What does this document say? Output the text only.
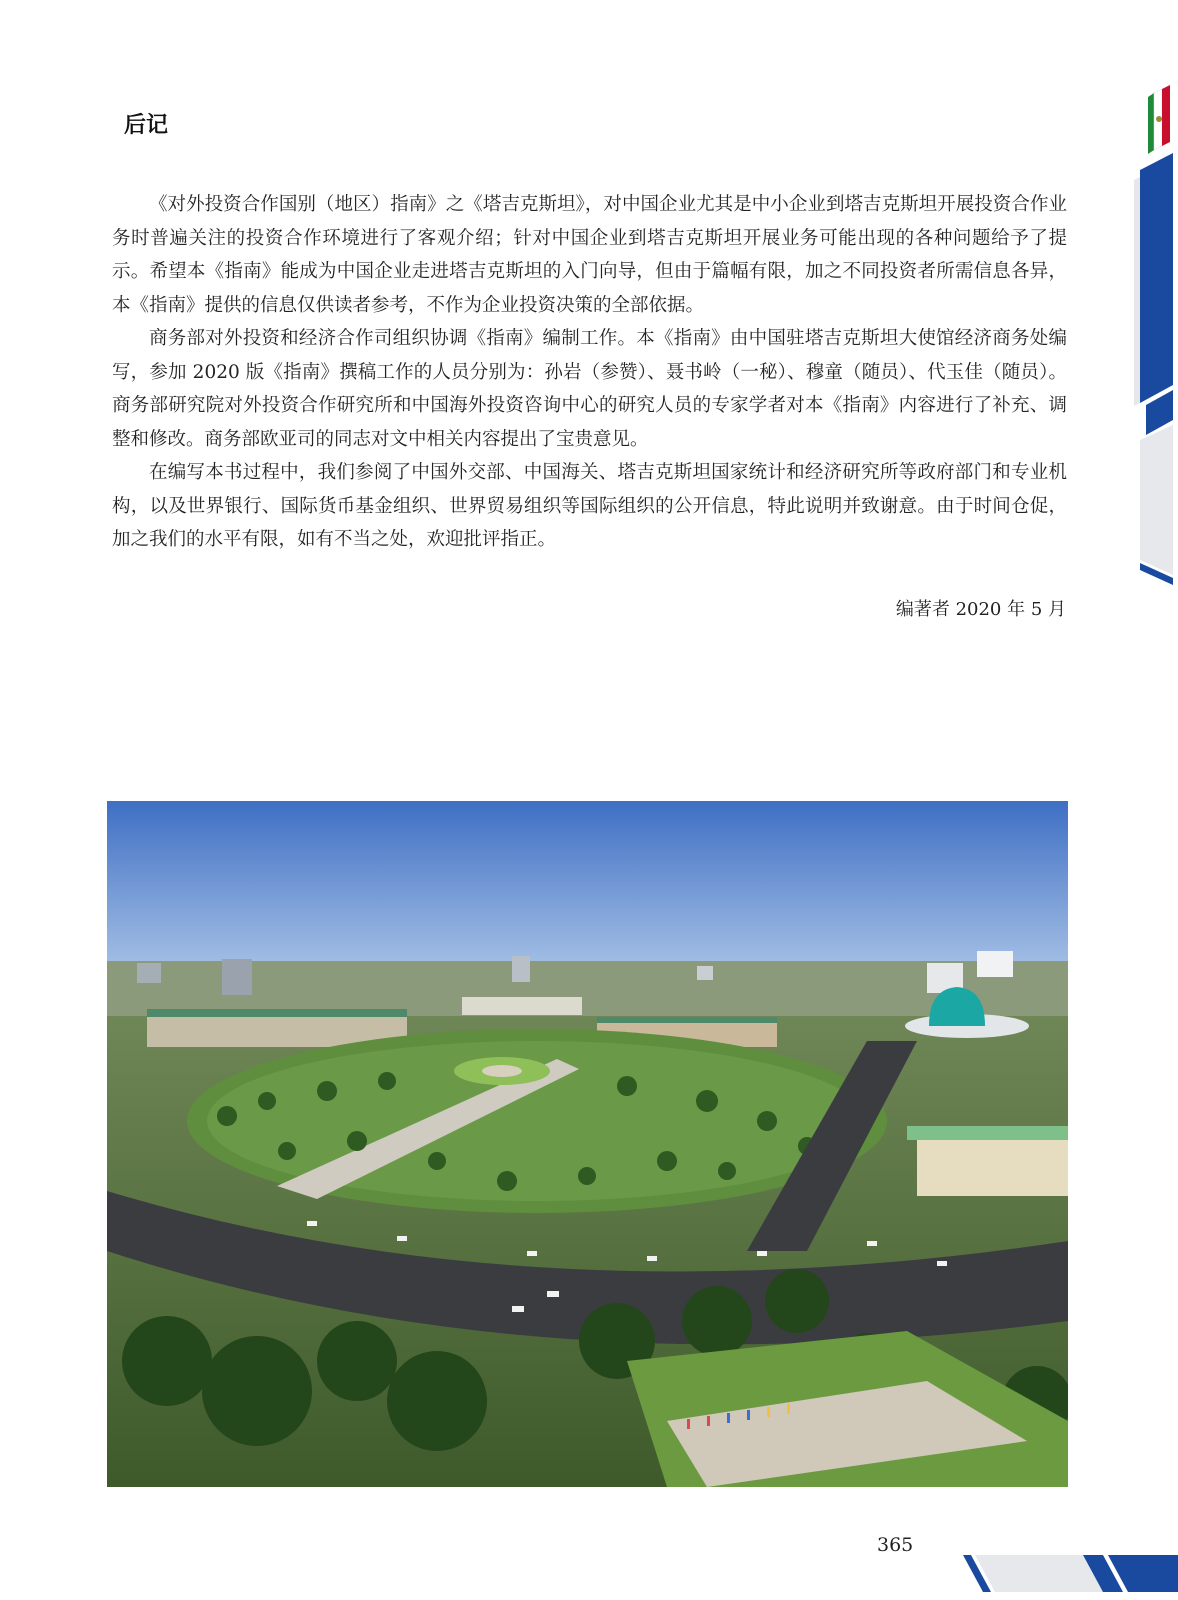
后记

《对外投资合作国别（地区）指南》之《塔吉克斯坦》，对中国企业尤其是中小企业到塔吉克斯坦开展投资合作业务时普遍关注的投资合作环境进行了客观介绍；针对中国企业到塔吉克斯坦开展业务可能出现的各种问题给予了提示。希望本《指南》能成为中国企业走进塔吉克斯坦的入门向导，但由于篇幅有限，加之不同投资者所需信息各异，本《指南》提供的信息仅供读者参考，不作为企业投资决策的全部依据。

商务部对外投资和经济合作司组织协调《指南》编制工作。本《指南》由中国驻塔吉克斯坦大使馆经济商务处编写，参加 2020 版《指南》撰稿工作的人员分别为：孙岩（参赞）、聂书岭（一秘）、穆童（随员）、代玉佳（随员）。商务部研究院对外投资合作研究所和中国海外投资咨询中心的研究人员的专家学者对本《指南》内容进行了补充、调整和修改。商务部欧亚司的同志对文中相关内容提出了宝贵意见。

在编写本书过程中，我们参阅了中国外交部、中国海关、塔吉克斯坦国家统计和经济研究所等政府部门和专业机构，以及世界银行、国际货币基金组织、世界贸易组织等国际组织的公开信息，特此说明并致谢意。由于时间仓促，加之我们的水平有限，如有不当之处，欢迎批评指正。

编著者 2020 年 5 月

365
